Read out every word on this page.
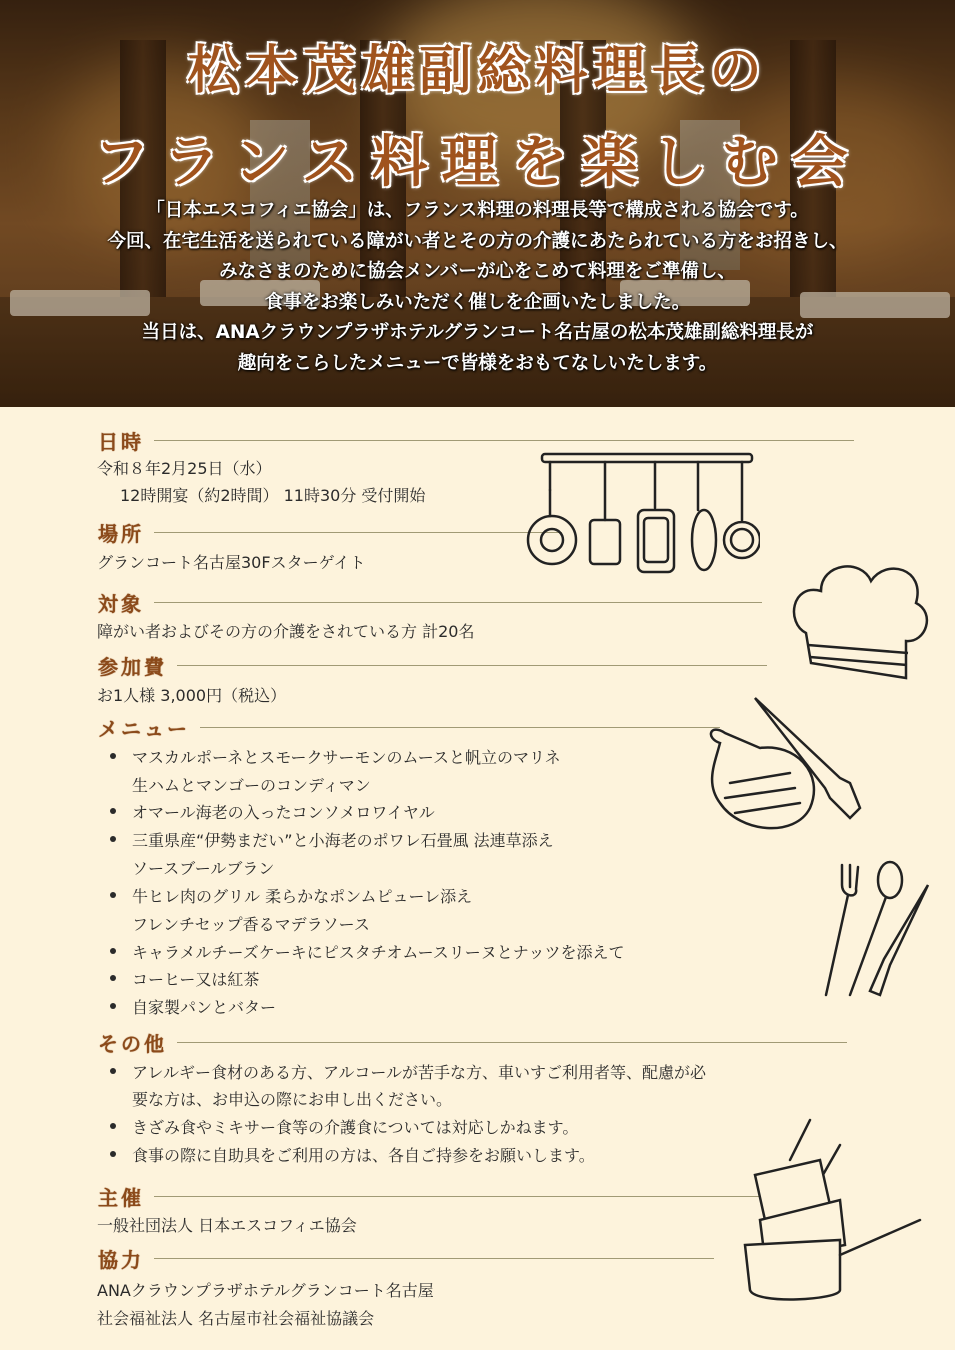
松本茂雄副総料理長の
フランス料理を楽しむ会
「日本エスコフィエ協会」は、フランス料理の料理長等で構成される協会です。
今回、在宅生活を送られている障がい者とその方の介護にあたられている方をお招きし、
みなさまのために協会メンバーが心をこめて料理をご準備し、
食事をお楽しみいただく催しを企画いたしました。
当日は、ANAクラウンプラザホテルグランコート名古屋の松本茂雄副総料理長が
趣向をこらしたメニューで皆様をおもてなしいたします。
日時
令和８年2月25日（水）
12時開宴（約2時間） 11時30分 受付開始
場所
グランコート名古屋30Fスターゲイト
対象
障がい者およびその方の介護をされている方 計20名
参加費
お1人様 3,000円（税込）
メニュー
マスカルポーネとスモークサーモンのムースと帆立のマリネ
生ハムとマンゴーのコンディマン
オマール海老の入ったコンソメロワイヤル
三重県産“伊勢まだい”と小海老のポワレ石畳風 法連草添え
ソースブールブラン
牛ヒレ肉のグリル 柔らかなポンムピューレ添え
フレンチセップ香るマデラソース
キャラメルチーズケーキにピスタチオムースリーヌとナッツを添えて
コーヒー又は紅茶
自家製パンとバター
その他
アレルギー食材のある方、アルコールが苦手な方、車いすご利用者等、配慮が必
要な方は、お申込の際にお申し出ください。
きざみ食やミキサー食等の介護食については対応しかねます。
食事の際に自助具をご利用の方は、各自ご持参をお願いします。
主催
一般社団法人 日本エスコフィエ協会
協力
ANAクラウンプラザホテルグランコート名古屋
社会福祉法人 名古屋市社会福祉協議会
